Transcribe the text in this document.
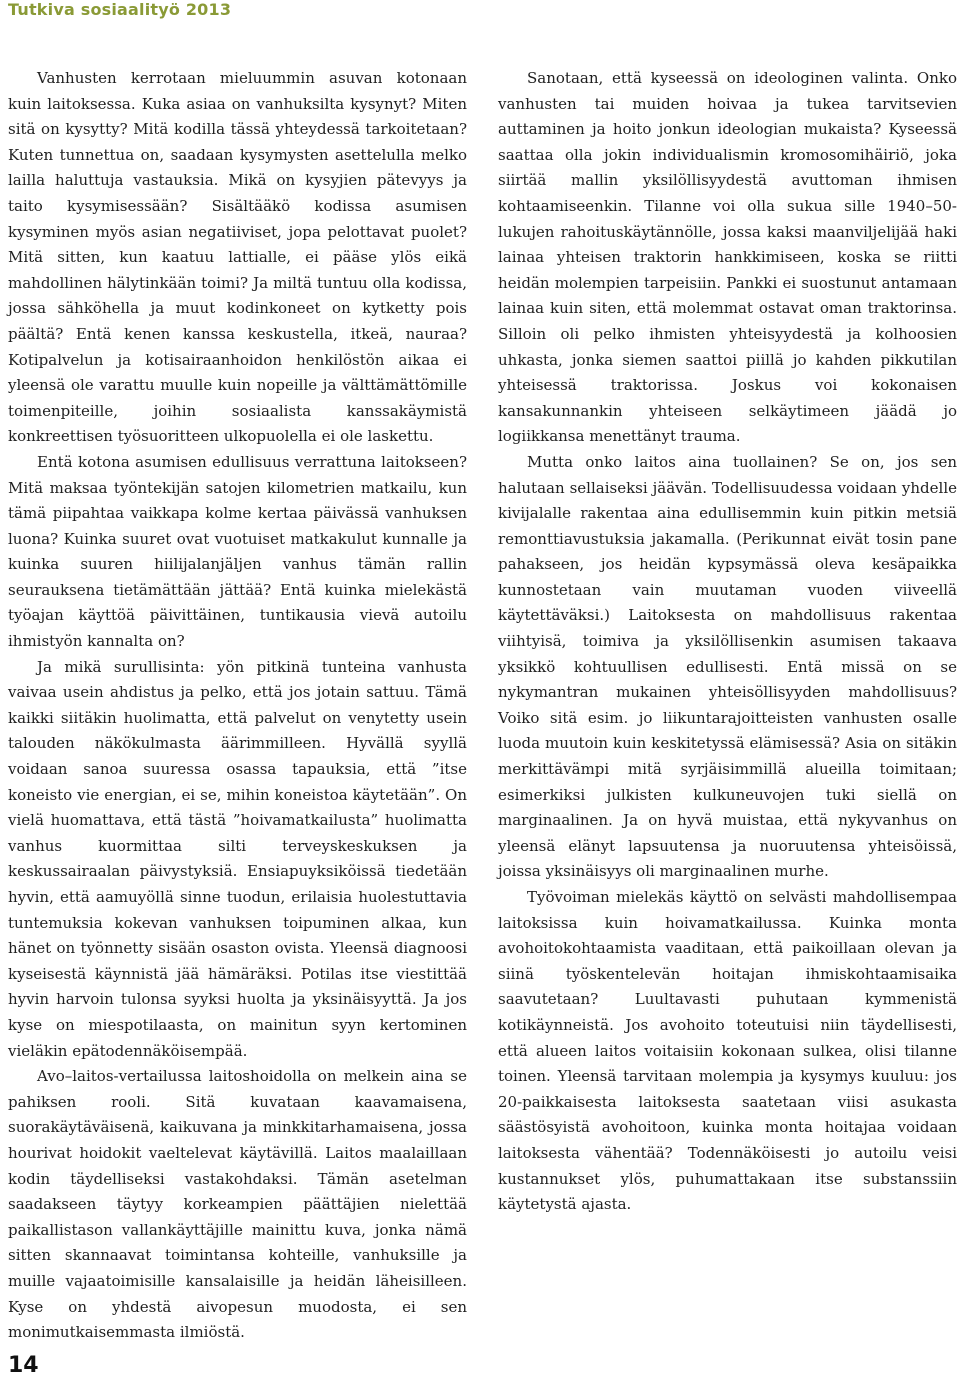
Tutkiva sosiaalityö 2013

Vanhusten kerrotaan mieluummin asuvan kotonaan kuin laitoksessa. Kuka asiaa on vanhuksilta kysynyt? Miten sitä on kysytty? Mitä kodilla tässä yhteydessä tarkoitetaan? Kuten tunnettua on, saadaan kysymysten asettelulla melko lailla haluttuja vastauksia. Mikä on kysyjien pätevyys ja taito kysymisessään? Sisältääkö kodissa asumisen kysyminen myös asian negatiiviset, jopa pelottavat puolet? Mitä sitten, kun kaatuu lattialle, ei pääse ylös eikä mahdollinen hälytinkään toimi? Ja miltä tuntuu olla kodissa, jossa sähköhella ja muut kodinkoneet on kytketty pois päältä? Entä kenen kanssa keskustella, itkeä, nauraa? Kotipalvelun ja kotisairaanhoidon henkilöstön aikaa ei yleensä ole varattu muulle kuin nopeille ja välttämättömille toimenpiteille, joihin sosiaalista kanssakäymistä konkreettisen työsuoritteen ulkopuolella ei ole laskettu.

Entä kotona asumisen edullisuus verrattuna laitokseen? Mitä maksaa työntekijän satojen kilometrien matkailu, kun tämä piipahtaa vaikkapa kolme kertaa päivässä vanhuksen luona? Kuinka suuret ovat vuotuiset matkakulut kunnalle ja kuinka suuren hiilijalanjäljen vanhus tämän rallin seurauksena tietämättään jättää? Entä kuinka mielekästä työajan käyttöä päivittäinen, tuntikausia vievä autoilu ihmistyön kannalta on?

Ja mikä surullisinta: yön pitkinä tunteina vanhusta vaivaa usein ahdistus ja pelko, että jos jotain sattuu. Tämä kaikki siitäkin huolimatta, että palvelut on venytetty usein talouden näkökulmasta äärimmilleen. Hyvällä syyllä voidaan sanoa suuressa osassa tapauksia, että ”itse koneisto vie energian, ei se, mihin koneistoa käytetään”. On vielä huomattava, että tästä ”hoivamatkailusta” huolimatta vanhus kuormittaa silti terveyskeskuksen ja keskussairaalan päivystyksiä. Ensiapuyksiköissä tiedetään hyvin, että aamuyöllä sinne tuodun, erilaisia huolestuttavia tuntemuksia kokevan vanhuksen toipuminen alkaa, kun hänet on työnnetty sisään osaston ovista. Yleensä diagnoosi kyseisestä käynnistä jää hämäräksi. Potilas itse viestittää hyvin harvoin tulonsa syyksi huolta ja yksinäisyyttä. Ja jos kyse on miespotilaasta, on mainitun syyn kertominen vieläkin epätodennäköisempää.

Avo–laitos-vertailussa laitoshoidolla on melkein aina se pahiksen rooli. Sitä kuvataan kaavamaisena, suorakäytäväisenä, kaikuvana ja minkkitarhamaisena, jossa hourivat hoidokit vaeltelevat käytävillä. Laitos maalaillaan kodin täydelliseksi vastakohdaksi. Tämän asetelman saadakseen täytyy korkeampien päättäjien nielettää paikallistason vallankäyttäjille mainittu kuva, jonka nämä sitten skannaavat toimintansa kohteille, vanhuksille ja muille vajaatoimisille kansalaisille ja heidän läheisilleen. Kyse on yhdestä aivopesun muodosta, ei sen monimutkaisemmasta ilmiöstä.

Sanotaan, että kyseessä on ideologinen valinta. Onko vanhusten tai muiden hoivaa ja tukea tarvitsevien auttaminen ja hoito jonkun ideologian mukaista? Kyseessä saattaa olla jokin individualismin kromosomihäiriö, joka siirtää mallin yksilöllisyydestä avuttoman ihmisen kohtaamiseenkin. Tilanne voi olla sukua sille 1940–50-lukujen rahoituskäytännölle, jossa kaksi maanviljelijää haki lainaa yhteisen traktorin hankkimiseen, koska se riitti heidän molempien tarpeisiin. Pankki ei suostunut antamaan lainaa kuin siten, että molemmat ostavat oman traktorinsa. Silloin oli pelko ihmisten yhteisyydestä ja kolhoosien uhkasta, jonka siemen saattoi piillä jo kahden pikkutilan yhteisessä traktorissa. Joskus voi kokonaisen kansakunnankin yhteiseen selkäytimeen jäädä jo logiikkansa menettänyt trauma.

Mutta onko laitos aina tuollainen? Se on, jos sen halutaan sellaiseksi jäävän. Todellisuudessa voidaan yhdelle kivijalalle rakentaa aina edullisemmin kuin pitkin metsiä remonttiavustuksia jakamalla. (Perikunnat eivät tosin pane pahakseen, jos heidän kypsymässä oleva kesäpaikka kunnostetaan vain muutaman vuoden viiveellä käytettäväksi.) Laitoksesta on mahdollisuus rakentaa viihtyisä, toimiva ja yksilöllisenkin asumisen takaava yksikkö kohtuullisen edullisesti. Entä missä on se nykymantran mukainen yhteisöllisyyden mahdollisuus? Voiko sitä esim. jo liikuntarajoitteisten vanhusten osalle luoda muutoin kuin keskitetyssä elämisessä? Asia on sitäkin merkittävämpi mitä syrjäisimmillä alueilla toimitaan; esimerkiksi julkisten kulkuneuvojen tuki siellä on marginaalinen. Ja on hyvä muistaa, että nykyvanhus on yleensä elänyt lapsuutensa ja nuoruutensa yhteisöissä, joissa yksinäisyys oli marginaalinen murhe.

Työvoiman mielekäs käyttö on selvästi mahdollisempaa laitoksissa kuin hoivamatkailussa. Kuinka monta avohoitokohtaamista vaaditaan, että paikoillaan olevan ja siinä työskentelevän hoitajan ihmiskohtaamisaika saavutetaan? Luultavasti puhutaan kymmenistä kotikäynneistä. Jos avohoito toteutuisi niin täydellisesti, että alueen laitos voitaisiin kokonaan sulkea, olisi tilanne toinen. Yleensä tarvitaan molempia ja kysymys kuuluu: jos 20-paikkaisesta laitoksesta saatetaan viisi asukasta säästösyistä avohoitoon, kuinka monta hoitajaa voidaan laitoksesta vähentää? Todennäköisesti jo autoilu veisi kustannukset ylös, puhumattakaan itse substanssiin käytetystä ajasta.

14
